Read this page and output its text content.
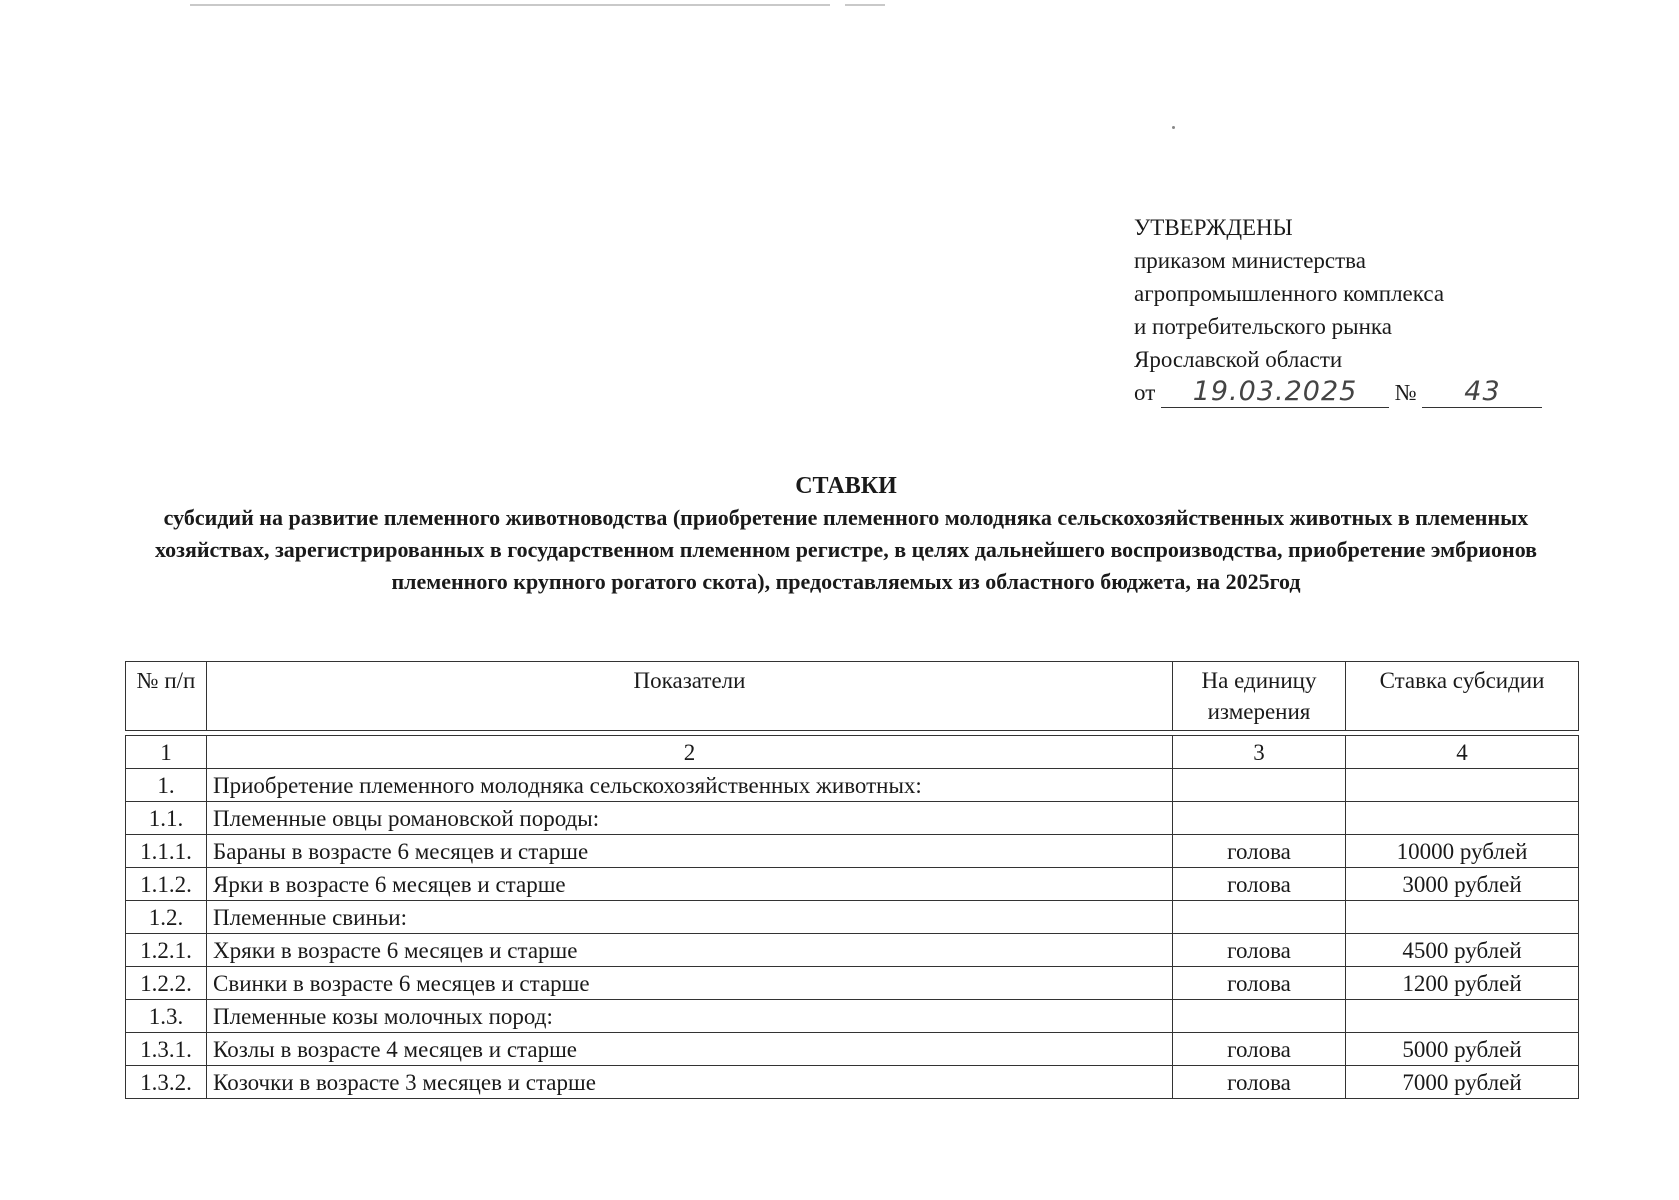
УТВЕРЖДЕНЫ
приказом министерства
агропромышленного комплекса
и потребительского рынка
Ярославской области
от 19.03.2025 № 43
СТАВКИ
субсидий на развитие племенного животноводства (приобретение племенного молодняка сельскохозяйственных животных в племенных хозяйствах, зарегистрированных в государственном племенном регистре, в целях дальнейшего воспроизводства, приобретение эмбрионов племенного крупного рогатого скота), предоставляемых из областного бюджета, на 2025год
№ п/п	Показатели	На единицу измерения	Ставка субсидии

1	2	3	4
1.	Приобретение племенного молодняка сельскохозяйственных животных:		
1.1.	Племенные овцы романовской породы:		
1.1.1.	Бараны в возрасте 6 месяцев и старше	голова	10000 рублей
1.1.2.	Ярки в возрасте 6 месяцев и старше	голова	3000 рублей
1.2.	Племенные свиньи:		
1.2.1.	Хряки в возрасте 6 месяцев и старше	голова	4500 рублей
1.2.2.	Свинки в возрасте 6 месяцев и старше	голова	1200 рублей
1.3.	Племенные козы молочных пород:		
1.3.1.	Козлы в возрасте 4 месяцев и старше	голова	5000 рублей
1.3.2.	Козочки в возрасте 3 месяцев и старше	голова	7000 рублей
